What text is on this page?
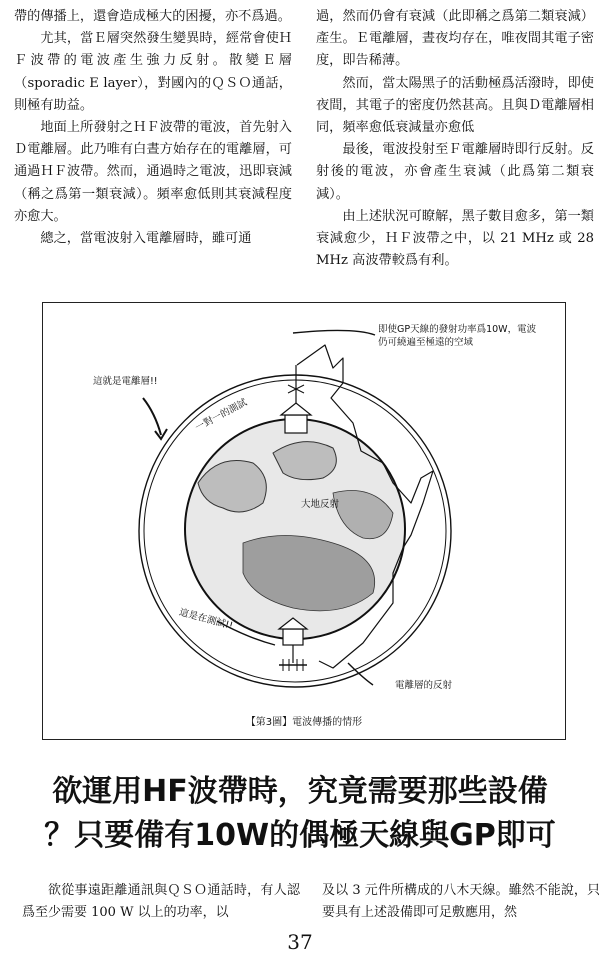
帶的傳播上，還會造成極大的困擾，亦不爲過。

尤其，當Ｅ層突然發生變異時，經常會使ＨＦ波帶的電波產生強力反射。散變Ｅ層（sporadic E layer），對國內的ＱＳＯ通話，則極有助益。

地面上所發射之ＨＦ波帶的電波，首先射入Ｄ電離層。此乃唯有白晝方始存在的電離層，可通過ＨＦ波帶。然而，通過時之電波，迅即衰減（稱之爲第一類衰減）。頻率愈低則其衰減程度亦愈大。

總之，當電波射入電離層時，雖可通

過，然而仍會有衰減（此即稱之爲第二類衰減）產生。Ｅ電離層，晝夜均存在，唯夜間其電子密度，即告稀薄。

然而，當太陽黑子的活動極爲活潑時，即使夜間，其電子的密度仍然甚高。且與Ｄ電離層相同，頻率愈低衰減量亦愈低

最後，電波投射至Ｆ電離層時即行反射。反射後的電波，亦會產生衰減（此爲第二類衰減）。

由上述狀況可瞭解，黑子數目愈多，第一類衰減愈少，ＨＦ波帶之中，以 21 MHz 或 28 MHz 高波帶較爲有利。

即使GP天線的發射功率爲10W，電波仍可繞遍至極遠的空域
這就是電離層!!
一對一的測試
大地反射
這是在測試!!
電離層的反射
【第3圖】電波傳播的情形
欲運用HF波帶時，究竟需要那些設備
？只要備有10W的偶極天線與GP即可

欲從事遠距離通訊與ＱＳＯ通話時，有人認爲至少需要 100 W 以上的功率，以

及以 3 元件所構成的八木天線。雖然不能說，只要具有上述設備即可足敷應用，然

37
